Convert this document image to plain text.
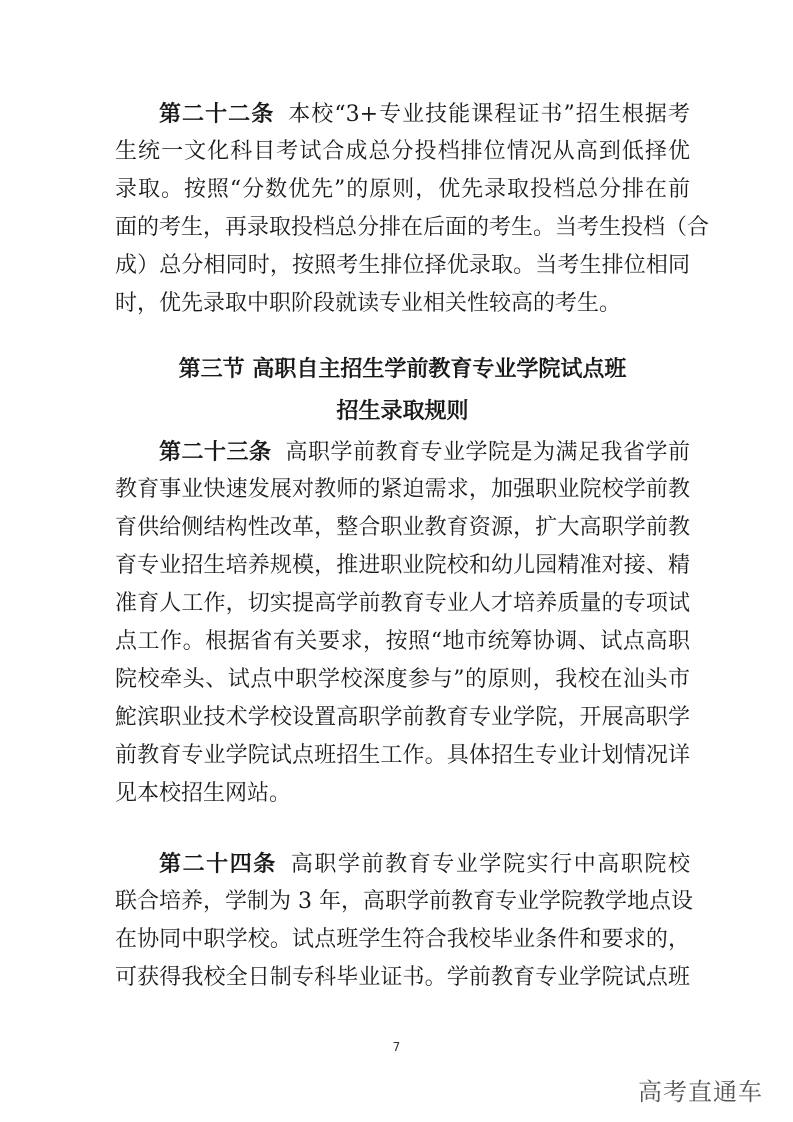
第二十二条 本校“3+专业技能课程证书”招生根据考
生统一文化科目考试合成总分投档排位情况从高到低择优
录取。按照“分数优先”的原则，优先录取投档总分排在前
面的考生，再录取投档总分排在后面的考生。当考生投档（合
成）总分相同时，按照考生排位择优录取。当考生排位相同
时，优先录取中职阶段就读专业相关性较高的考生。
第三节 高职自主招生学前教育专业学院试点班
招生录取规则
第二十三条 高职学前教育专业学院是为满足我省学前
教育事业快速发展对教师的紧迫需求，加强职业院校学前教
育供给侧结构性改革，整合职业教育资源，扩大高职学前教
育专业招生培养规模，推进职业院校和幼儿园精准对接、精
准育人工作，切实提高学前教育专业人才培养质量的专项试
点工作。根据省有关要求，按照“地市统筹协调、试点高职
院校牵头、试点中职学校深度参与”的原则，我校在汕头市
鮀滨职业技术学校设置高职学前教育专业学院，开展高职学
前教育专业学院试点班招生工作。具体招生专业计划情况详
见本校招生网站。
第二十四条 高职学前教育专业学院实行中高职院校
联合培养，学制为 3 年，高职学前教育专业学院教学地点设
在协同中职学校。试点班学生符合我校毕业条件和要求的，
可获得我校全日制专科毕业证书。学前教育专业学院试点班
7
高考直通车
